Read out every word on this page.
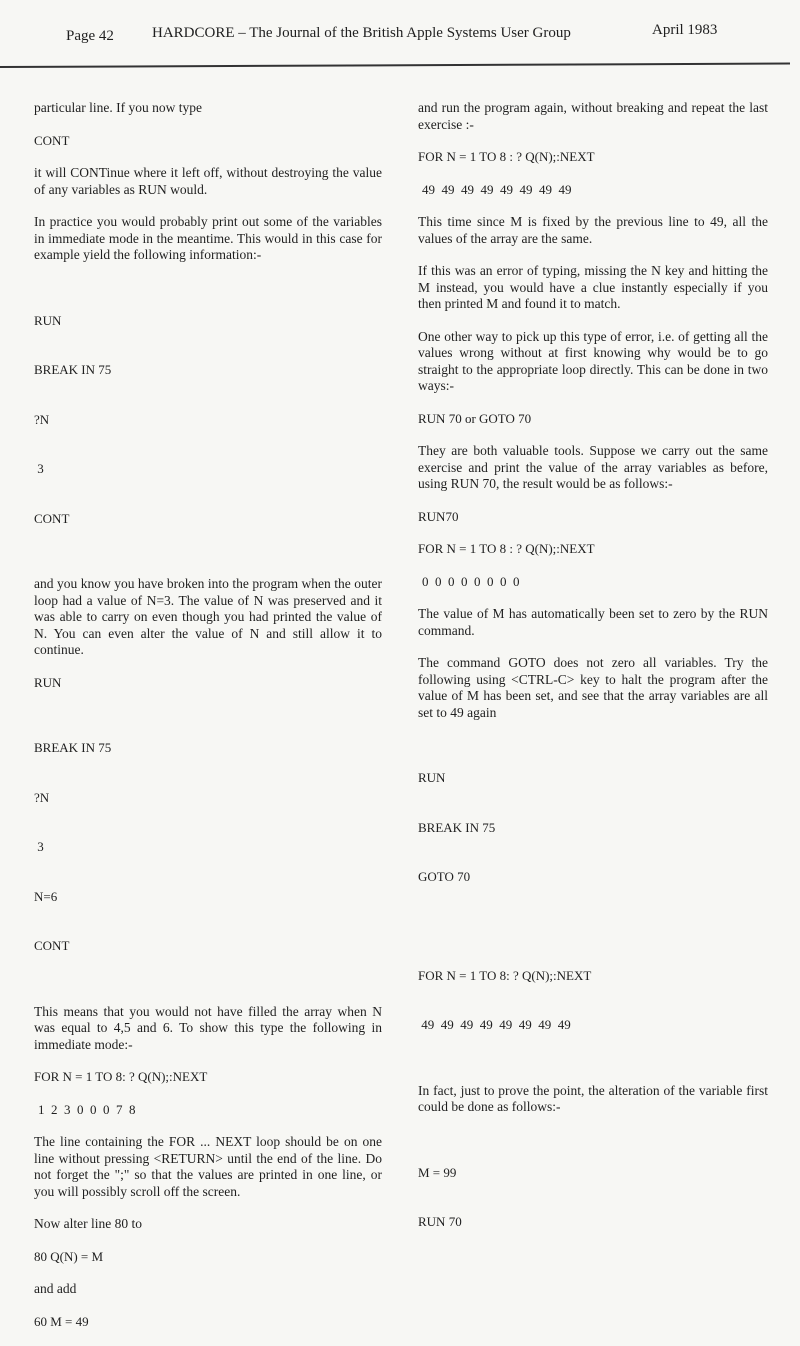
Page 42	HARDCORE – The Journal of the British Apple Systems User Group	April 1983

particular line. If you now type

CONT

it will CONTinue where it left off, without destroying the value of any variables as RUN would.

In practice you would probably print out some of the variables in immediate mode in the meantime. This would in this case for example yield the following information:-

RUN

BREAK IN 75

?N

3

CONT

and you know you have broken into the program when the outer loop had a value of N=3. The value of N was preserved and it was able to carry on even though you had printed the value of N. You can even alter the value of N and still allow it to continue.

RUN

BREAK IN 75

?N

3

N=6

CONT

This means that you would not have filled the array when N was equal to 4,5 and 6. To show this type the following in immediate mode:-

FOR N = 1 TO 8: ? Q(N);:NEXT
1  2  3  0  0  0  7  8

The line containing the FOR ... NEXT loop should be on one line without pressing <RETURN> until the end of the line. Do not forget the ";" so that the values are printed in one line, or you will possibly scroll off the screen.

Now alter line 80 to

80 Q(N) = M

and add

60 M = 49

and run the program again, without breaking and repeat the last exercise :-

FOR N = 1 TO 8 : ? Q(N);:NEXT
49  49  49  49  49  49  49  49

This time since M is fixed by the previous line to 49, all the values of the array are the same.

If this was an error of typing, missing the N key and hitting the M instead, you would have a clue instantly especially if you then printed M and found it to match.

One other way to pick up this type of error, i.e. of getting all the values wrong without at first knowing why would be to go straight to the appropriate loop directly. This can be done in two ways:-

RUN 70 or GOTO 70

They are both valuable tools. Suppose we carry out the same exercise and print the value of the array variables as before, using RUN 70, the result would be as follows:-

RUN70
FOR N = 1 TO 8 : ? Q(N);:NEXT
0  0  0  0  0  0  0  0

The value of M has automatically been set to zero by the RUN command.

The command GOTO does not zero all variables. Try the following using <CTRL-C> key to halt the program after the value of M has been set, and see that the array variables are all set to 49 again

RUN

BREAK IN 75

GOTO 70

FOR N = 1 TO 8: ? Q(N);:NEXT

49  49  49  49  49  49  49  49

In fact, just to prove the point, the alteration of the variable first could be done as follows:-

M = 99

RUN 70
